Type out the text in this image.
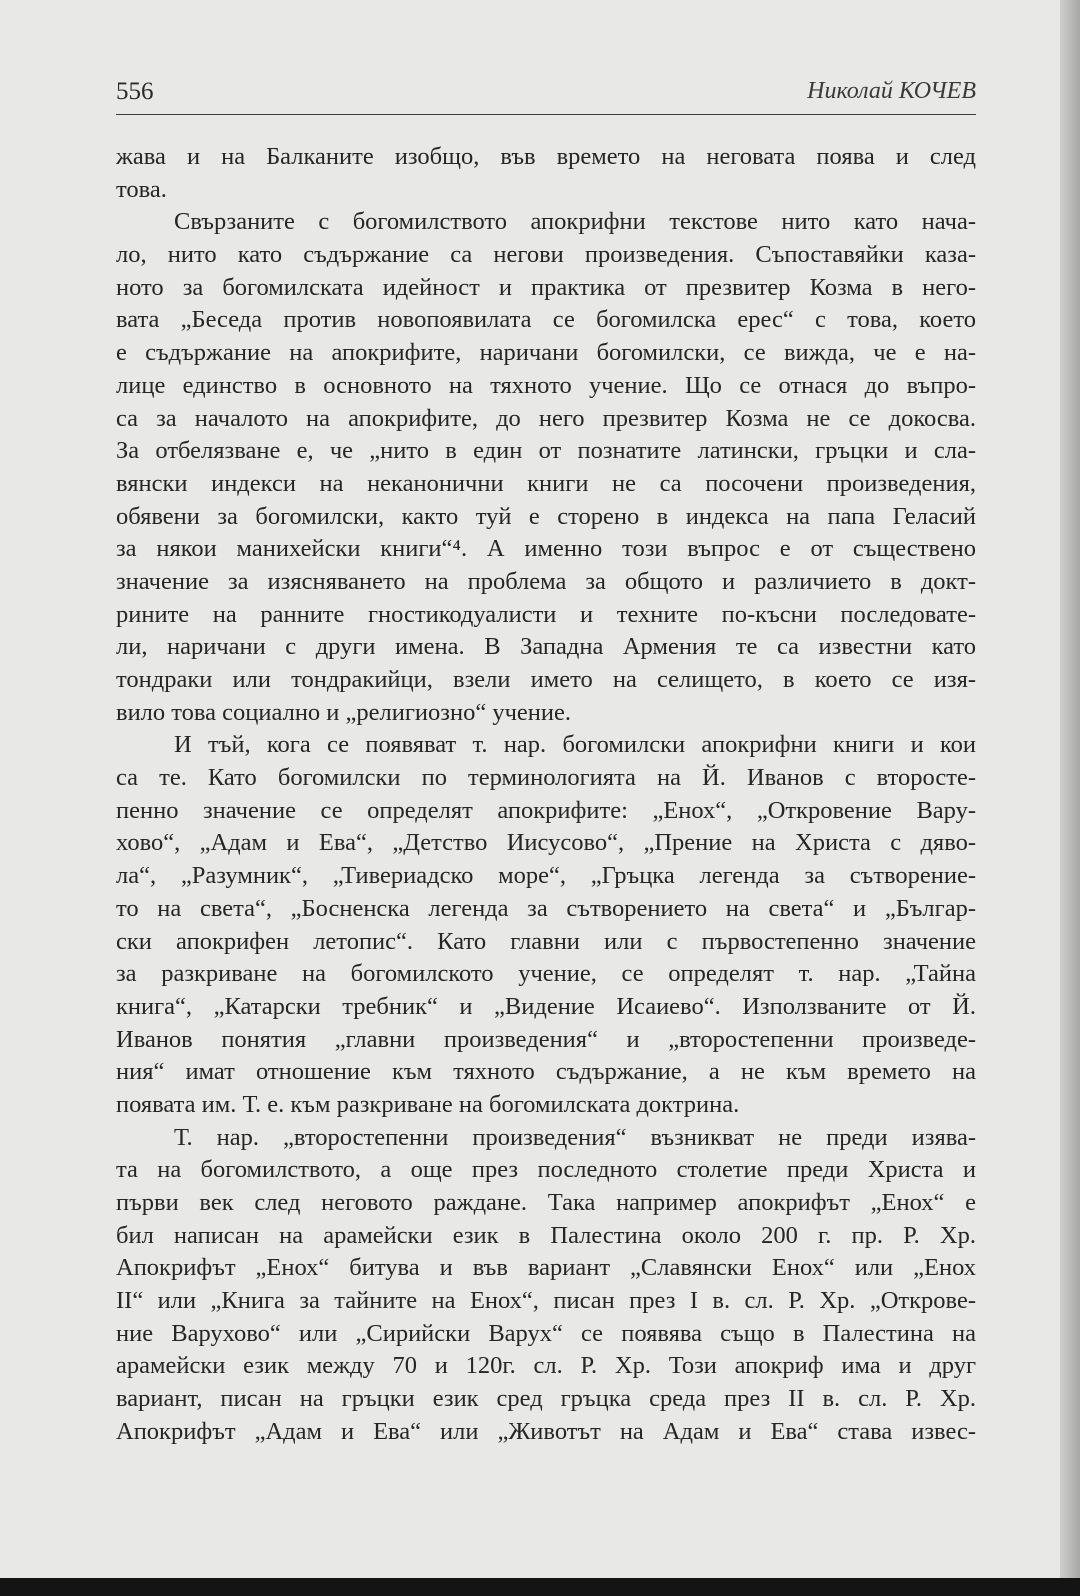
556	Николай КОЧЕВ
жава и на Балканите изобщо, във времето на неговата поява и след
това.
Свързаните с богомилството апокрифни текстове нито като нача-
ло, нито като съдържание са негови произведения. Съпоставяйки каза-
ното за богомилската идейност и практика от презвитер Козма в него-
вата „Беседа против новопоявилата се богомилска ерес“ с това, което
е съдържание на апокрифите, наричани богомилски, се вижда, че е на-
лице единство в основното на тяхното учение. Що се отнася до въпро-
са за началото на апокрифите, до него презвитер Козма не се докосва.
За отбелязване е, че „нито в един от познатите латински, гръцки и сла-
вянски индекси на неканонични книги не са посочени произведения,
обявени за богомилски, както туй е сторено в индекса на папа Геласий
за някои манихейски книги“⁴. А именно този въпрос е от съществено
значение за изясняването на проблема за общото и различието в докт-
рините на ранните гностикодуалисти и техните по-късни последовате-
ли, наричани с други имена. В Западна Армения те са известни като
тондраки или тондракийци, взели името на селището, в което се изя-
вило това социално и „религиозно“ учение.
И тъй, кога се появяват т. нар. богомилски апокрифни книги и кои
са те. Като богомилски по терминологията на Й. Иванов с второсте-
пенно значение се определят апокрифите: „Енох“, „Откровение Вару-
хово“, „Адам и Ева“, „Детство Иисусово“, „Прение на Христа с дяво-
ла“, „Разумник“, „Тивериадско море“, „Гръцка легенда за сътворение-
то на света“, „Босненска легенда за сътворението на света“ и „Българ-
ски апокрифен летопис“. Като главни или с първостепенно значение
за разкриване на богомилското учение, се определят т. нар. „Тайна
книга“, „Катарски требник“ и „Видение Исаиево“. Използваните от Й.
Иванов понятия „главни произведения“ и „второстепенни произведе-
ния“ имат отношение към тяхното съдържание, а не към времето на
появата им. Т. е. към разкриване на богомилската доктрина.
Т. нар. „второстепенни произведения“ възникват не преди изява-
та на богомилството, а още през последното столетие преди Христа и
първи век след неговото раждане. Така например апокрифът „Енох“ е
бил написан на арамейски език в Палестина около 200 г. пр. Р. Хр.
Апокрифът „Енох“ битува и във вариант „Славянски Енох“ или „Енох
II“ или „Книга за тайните на Енох“, писан през I в. сл. Р. Хр. „Открове-
ние Варухово“ или „Сирийски Варух“ се появява също в Палестина на
арамейски език между 70 и 120г. сл. Р. Хр. Този апокриф има и друг
вариант, писан на гръцки език сред гръцка среда през II в. сл. Р. Хр.
Апокрифът „Адам и Ева“ или „Животът на Адам и Ева“ става извес-
